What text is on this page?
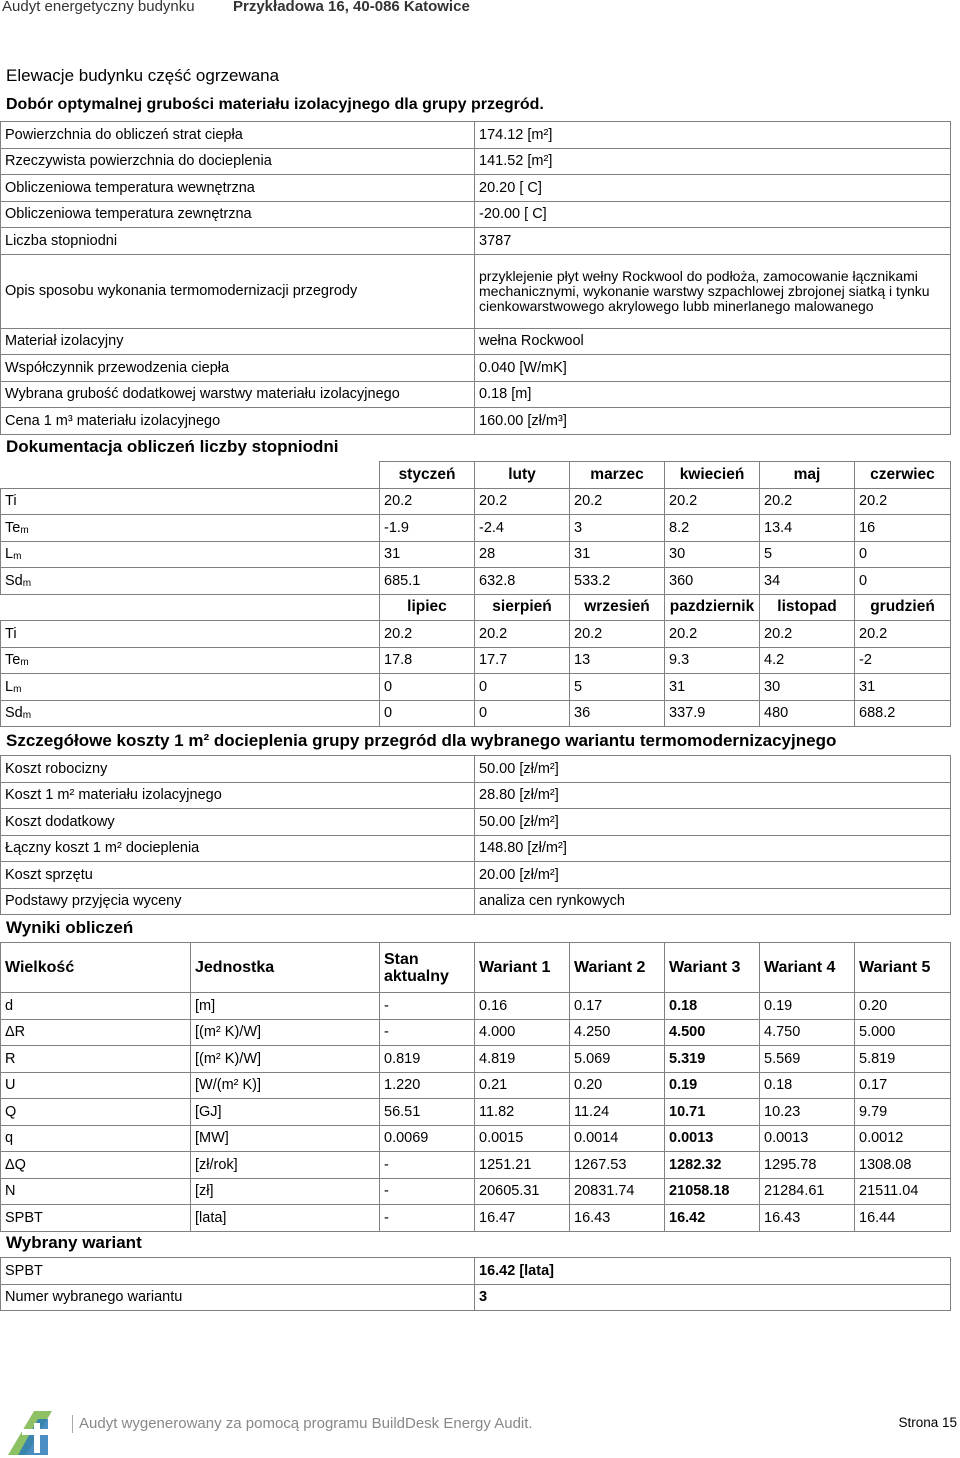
Audyt energetyczny budynku	Przykładowa 16, 40-086 Katowice
Elewacje budynku część ogrzewana
Dobór optymalnej grubości materiału izolacyjnego dla grupy przegród.
Powierzchnia do obliczeń strat ciepła	174.12 [m²]
Rzeczywista powierzchnia do docieplenia	141.52 [m²]
Obliczeniowa temperatura wewnętrzna	20.20 [ C]
Obliczeniowa temperatura zewnętrzna	-20.00 [ C]
Liczba stopniodni	3787
Opis sposobu wykonania termomodernizacji przegrody	przyklejenie płyt wełny Rockwool do podłoża, zamocowanie łącznikami mechanicznymi, wykonanie warstwy szpachlowej zbrojonej siatką i tynku cienkowarstwowego akrylowego lubb minerlanego malowanego
Materiał izolacyjny	wełna Rockwool
Współczynnik przewodzenia ciepła	0.040 [W/mK]
Wybrana grubość dodatkowej warstwy materiału izolacyjnego	0.18 [m]
Cena 1 m³ materiału izolacyjnego	160.00 [zł/m³]
Dokumentacja obliczeń liczby stopniodni
	styczeń	luty	marzec	kwiecień	maj	czerwiec
Ti	20.2	20.2	20.2	20.2	20.2	20.2
$Te_m$	-1.9	-2.4	3	8.2	13.4	16
$L_m$	31	28	31	30	5	0
$Sd_m$	685.1	632.8	533.2	360	34	0
	lipiec	sierpień	wrzesień	pazdziernik	listopad	grudzień
Ti	20.2	20.2	20.2	20.2	20.2	20.2
$Te_m$	17.8	17.7	13	9.3	4.2	-2
$L_m$	0	0	5	31	30	31
$Sd_m$	0	0	36	337.9	480	688.2
Szczegółowe koszty 1 m² docieplenia grupy przegród dla wybranego wariantu termomodernizacyjnego
Koszt robocizny	50.00 [zł/m²]
Koszt 1 m² materiału izolacyjnego	28.80 [zł/m²]
Koszt dodatkowy	50.00 [zł/m²]
Łączny koszt 1 m² docieplenia	148.80 [zł/m²]
Koszt sprzętu	20.00 [zł/m²]
Podstawy przyjęcia wyceny	analiza cen rynkowych
Wyniki obliczeń
Wielkość	Jednostka	Stan aktualny	Wariant 1	Wariant 2	Wariant 3	Wariant 4	Wariant 5
d	[m]	-	0.16	0.17	0.18	0.19	0.20
ΔR	[(m² K)/W]	-	4.000	4.250	4.500	4.750	5.000
R	[(m² K)/W]	0.819	4.819	5.069	5.319	5.569	5.819
U	[W/(m² K)]	1.220	0.21	0.20	0.19	0.18	0.17
Q	[GJ]	56.51	11.82	11.24	10.71	10.23	9.79
q	[MW]	0.0069	0.0015	0.0014	0.0013	0.0013	0.0012
ΔQ	[zł/rok]	-	1251.21	1267.53	1282.32	1295.78	1308.08
N	[zł]	-	20605.31	20831.74	21058.18	21284.61	21511.04
SPBT	[lata]	-	16.47	16.43	16.42	16.43	16.44
Wybrany wariant
SPBT	16.42 [lata]
Numer wybranego wariantu	3
Audyt wygenerowany za pomocą programu BuildDesk Energy Audit.	Strona 15
